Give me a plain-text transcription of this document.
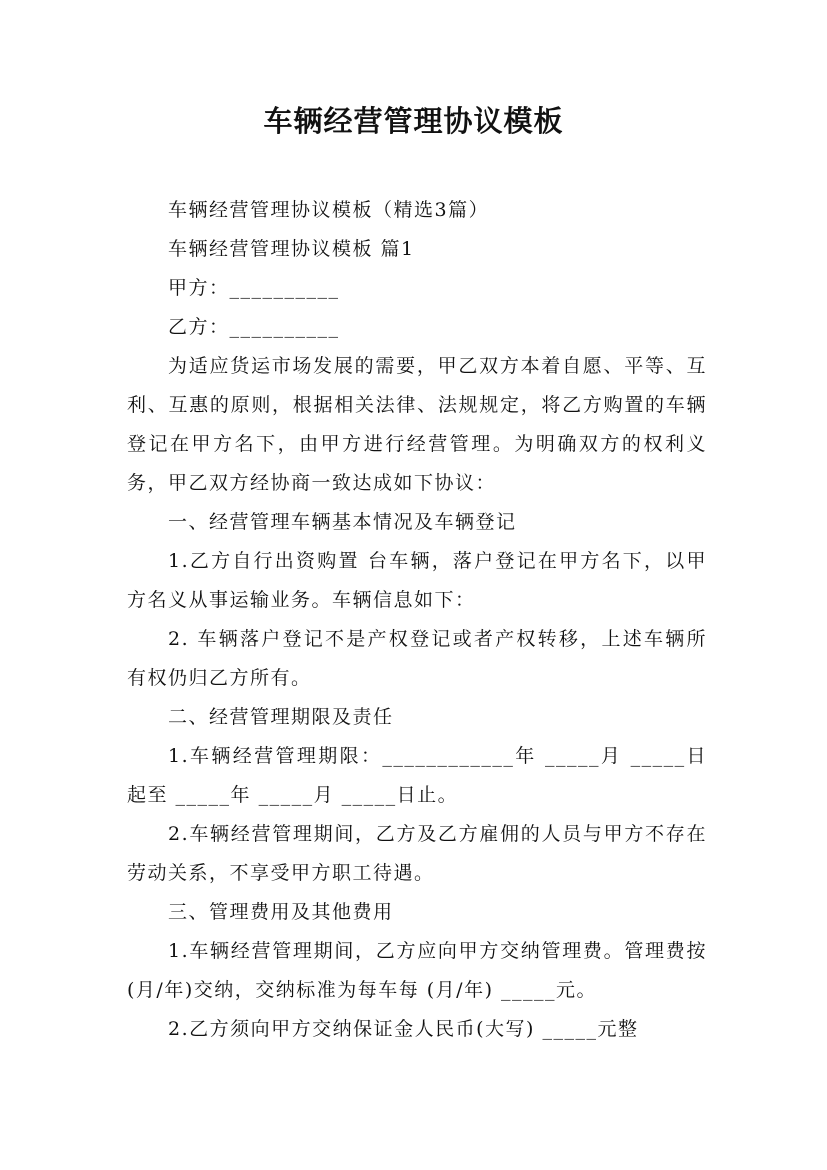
车辆经营管理协议模板

车辆经营管理协议模板（精选3篇）

车辆经营管理协议模板 篇1

甲方：__________

乙方：__________

为适应货运市场发展的需要，甲乙双方本着自愿、平等、互利、互惠的原则，根据相关法律、法规规定，将乙方购置的车辆登记在甲方名下，由甲方进行经营管理。为明确双方的权利义务，甲乙双方经协商一致达成如下协议：

一、经营管理车辆基本情况及车辆登记

1.乙方自行出资购置 台车辆，落户登记在甲方名下，以甲方名义从事运输业务。车辆信息如下：

2. 车辆落户登记不是产权登记或者产权转移，上述车辆所有权仍归乙方所有。

二、经营管理期限及责任

1.车辆经营管理期限：____________年 _____月 _____日起至 _____年 _____月 _____日止。

2.车辆经营管理期间，乙方及乙方雇佣的人员与甲方不存在劳动关系，不享受甲方职工待遇。

三、管理费用及其他费用

1.车辆经营管理期间，乙方应向甲方交纳管理费。管理费按 (月/年)交纳，交纳标准为每车每 (月/年) _____元。

2.乙方须向甲方交纳保证金人民币(大写) _____元整
